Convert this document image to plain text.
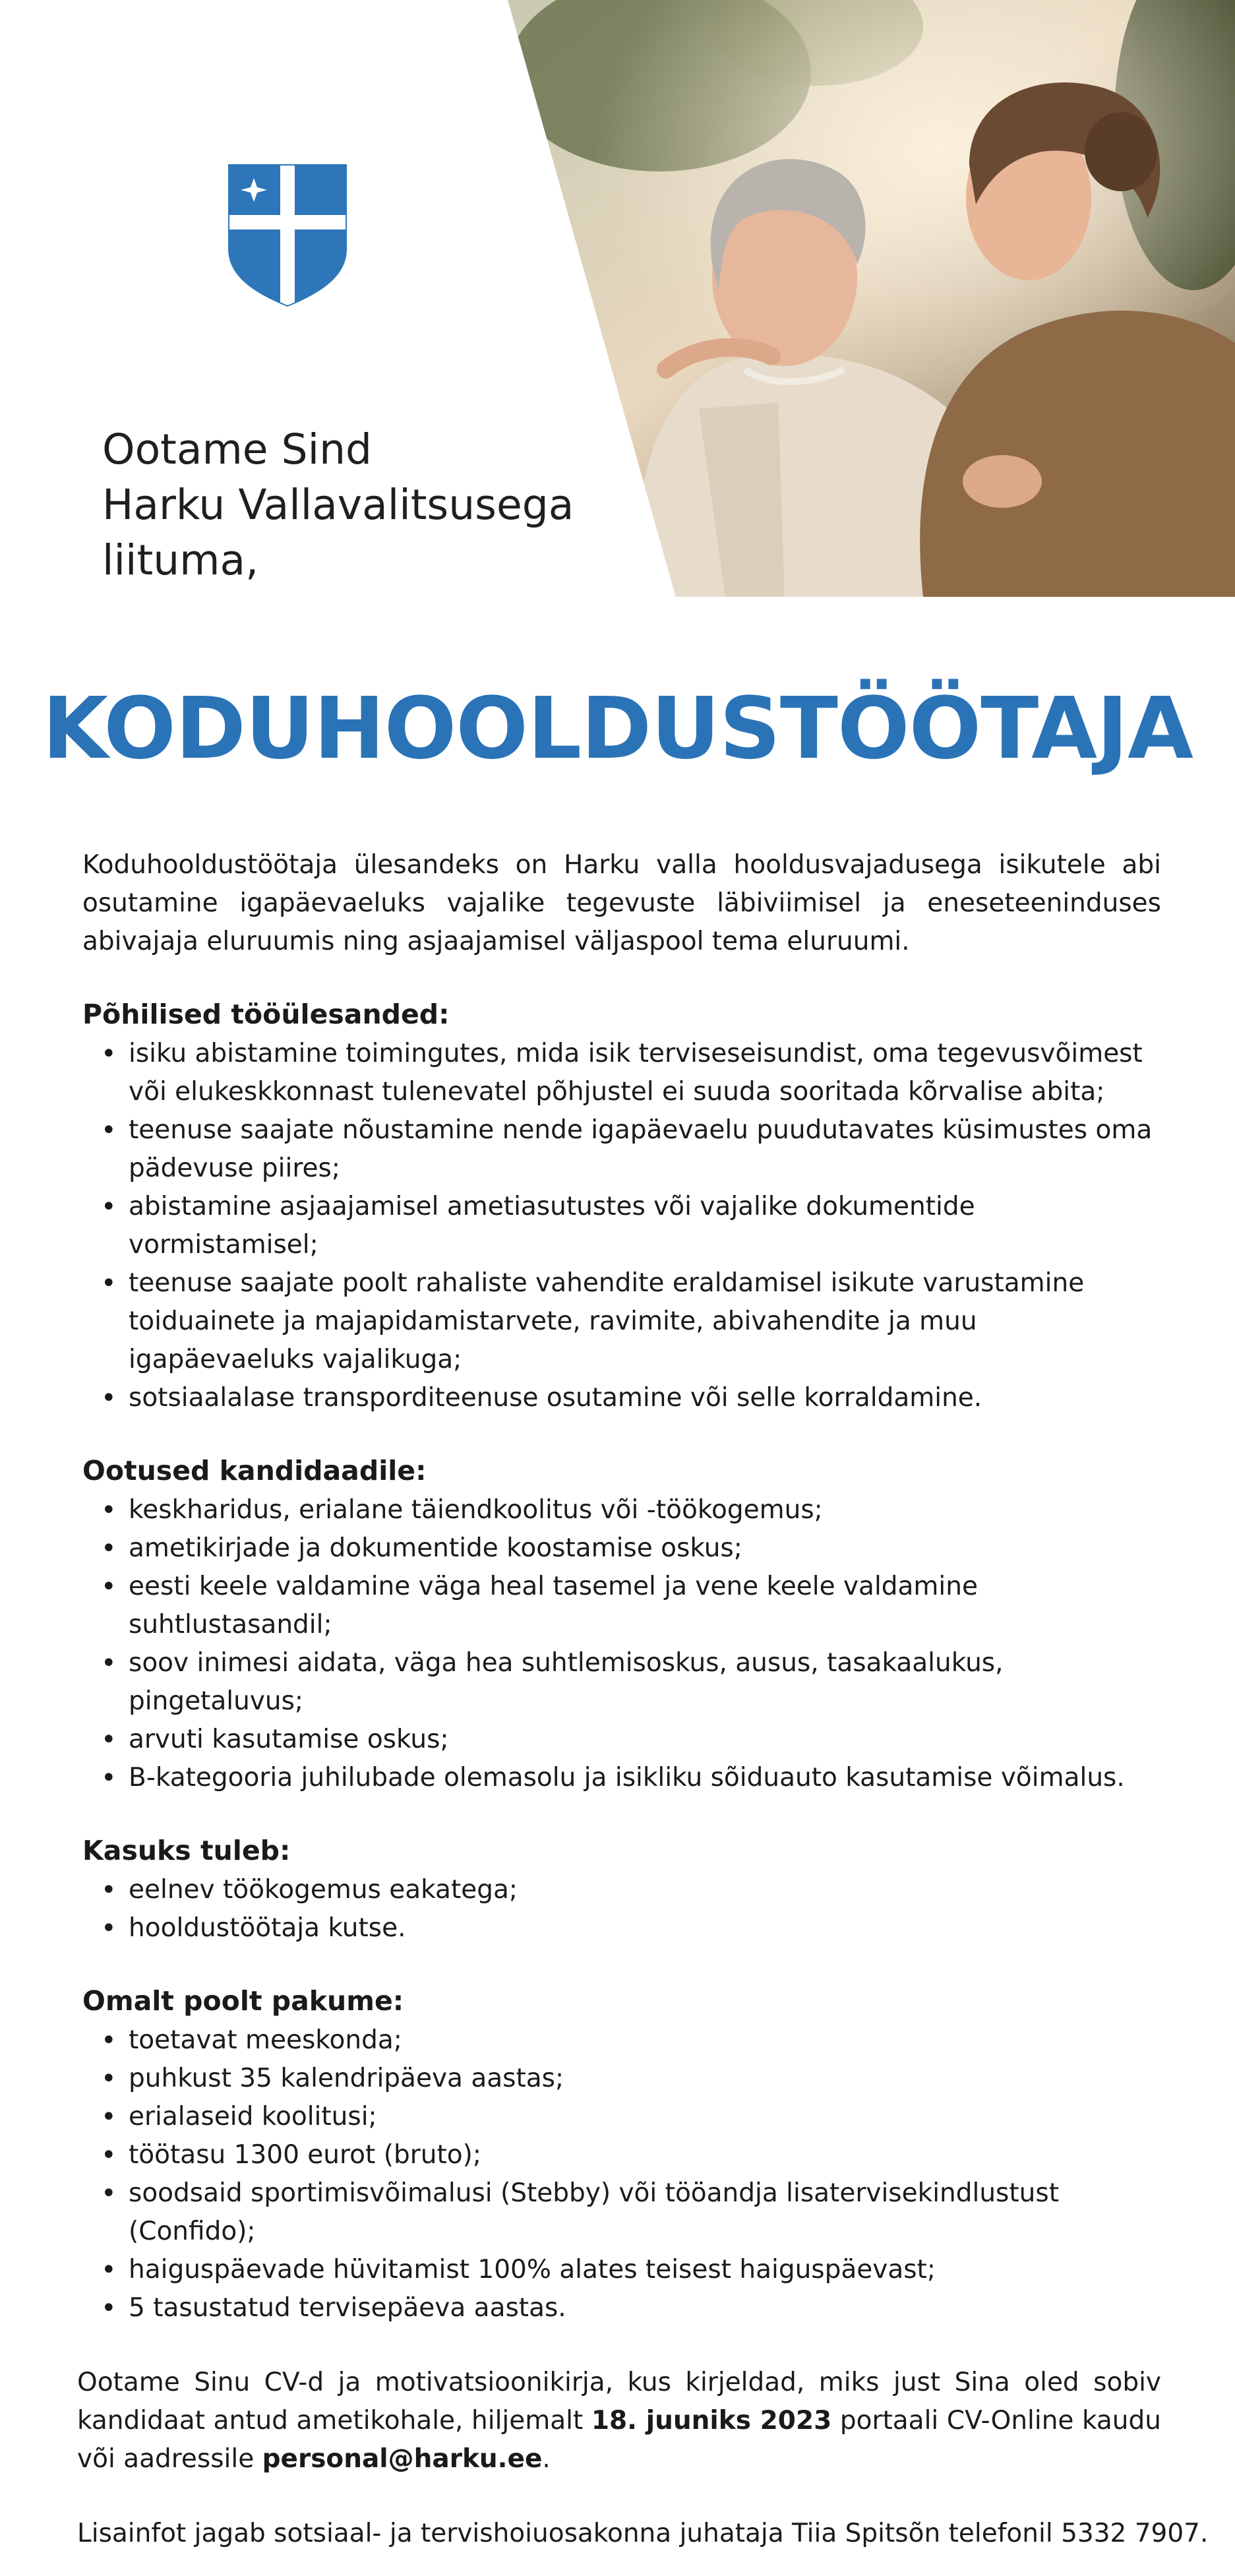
Ootame Sind
Harku Vallavalitsusega
liituma,
KODUHOOLDUSTÖÖTAJA

Koduhooldustöötaja ülesandeks on Harku valla hooldusvajadusega isikutele abi osutamine igapäevaeluks vajalike tegevuste läbiviimisel ja eneseteeninduses abivajaja eluruumis ning asjaajamisel väljaspool tema eluruumi.

Põhilised tööülesanded:
• isiku abistamine toimingutes, mida isik terviseseisundist, oma tegevusvõimest või elukeskkonnast tulenevatel põhjustel ei suuda sooritada kõrvalise abita;
• teenuse saajate nõustamine nende igapäevaelu puudutavates küsimustes oma pädevuse piires;
• abistamine asjaajamisel ametiasutustes või vajalike dokumentide vormistamisel;
• teenuse saajate poolt rahaliste vahendite eraldamisel isikute varustamine toiduainete ja majapidamistarvete, ravimite, abivahendite ja muu igapäevaeluks vajalikuga;
• sotsiaalalase transporditeenuse osutamine või selle korraldamine.
Ootused kandidaadile:
• keskharidus, erialane täiendkoolitus või -töökogemus;
• ametikirjade ja dokumentide koostamise oskus;
• eesti keele valdamine väga heal tasemel ja vene keele valdamine suhtlustasandil;
• soov inimesi aidata, väga hea suhtlemisoskus, ausus, tasakaalukus, pingetaluvus;
• arvuti kasutamise oskus;
• B-kategooria juhilubade olemasolu ja isikliku sõiduauto kasutamise võimalus.
Kasuks tuleb:
• eelnev töökogemus eakatega;
• hooldustöötaja kutse.
Omalt poolt pakume:
• toetavat meeskonda;
• puhkust 35 kalendripäeva aastas;
• erialaseid koolitusi;
• töötasu 1300 eurot (bruto);
• soodsaid sportimisvõimalusi (Stebby) või tööandja lisatervisekindlustust (Confido);
• haiguspäevade hüvitamist 100% alates teisest haiguspäevast;
• 5 tasustatud tervisepäeva aastas.

Ootame Sinu CV-d ja motivatsioonikirja, kus kirjeldad, miks just Sina oled sobiv kandidaat antud ametikohale, hiljemalt 18. juuniks 2023 portaali CV-Online kaudu või aadressile personal@harku.ee.

Lisainfot jagab sotsiaal- ja tervishoiuosakonna juhataja Tiia Spitsõn telefonil 5332 7907.
